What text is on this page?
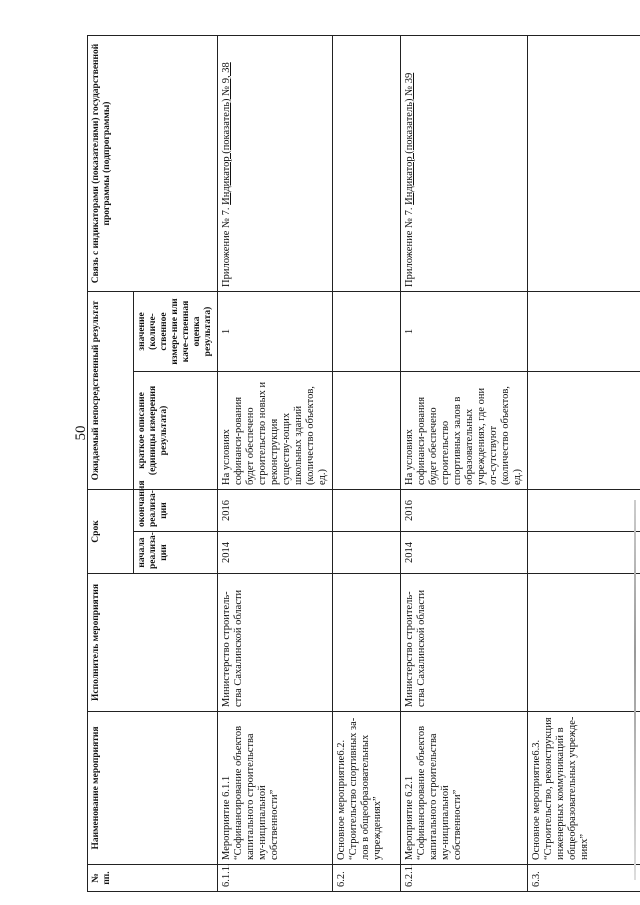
50
№ пп.	Наименование мероприятия	Исполнитель мероприятия	Срок		Ожидаемый непосредственный результат		Связь с индикаторами (показателями) государственной программы (подпрограммы)
			начала реализа-ции	окончания реализа-ции	краткое описание (единицы измерения результата)	значение (количе-ственное измере-ние или каче-ственная оценка результата)	
6.1.1.	Мероприятие 6.1.1 “Софинансирование объектов капитального строительства му-ниципальной собственности”	Министерство строитель-ства Сахалинской области	2014	2016	На условиях софинанси-рования будет обеспечено строительство новых и реконструкция существу-ющих школьных зданий (количество объектов, ед.)	1	Приложение № 7. Индикатор (показатель) № 9, 38
6.2.	Основное мероприятие6.2. “Строительство спортивных за-лов в общеобразовательных учреждениях”						
6.2.1.	Мероприятие 6.2.1 “Софинансирование объектов капитального строительства му-ниципальной собственности”	Министерство строитель-ства Сахалинской области	2014	2016	На условиях софинанси-рования будет обеспечено строительство спортивных залов в образовательных учреждениях, где они от-сутствуют (количество объектов, ед.)	1	Приложение № 7. Индикатор (показатель) № 39
6.3.	Основное мероприятие6.3. “Строительство, реконструкция инженерных коммуникаций в общеобразовательных учрежде-ниях”						
